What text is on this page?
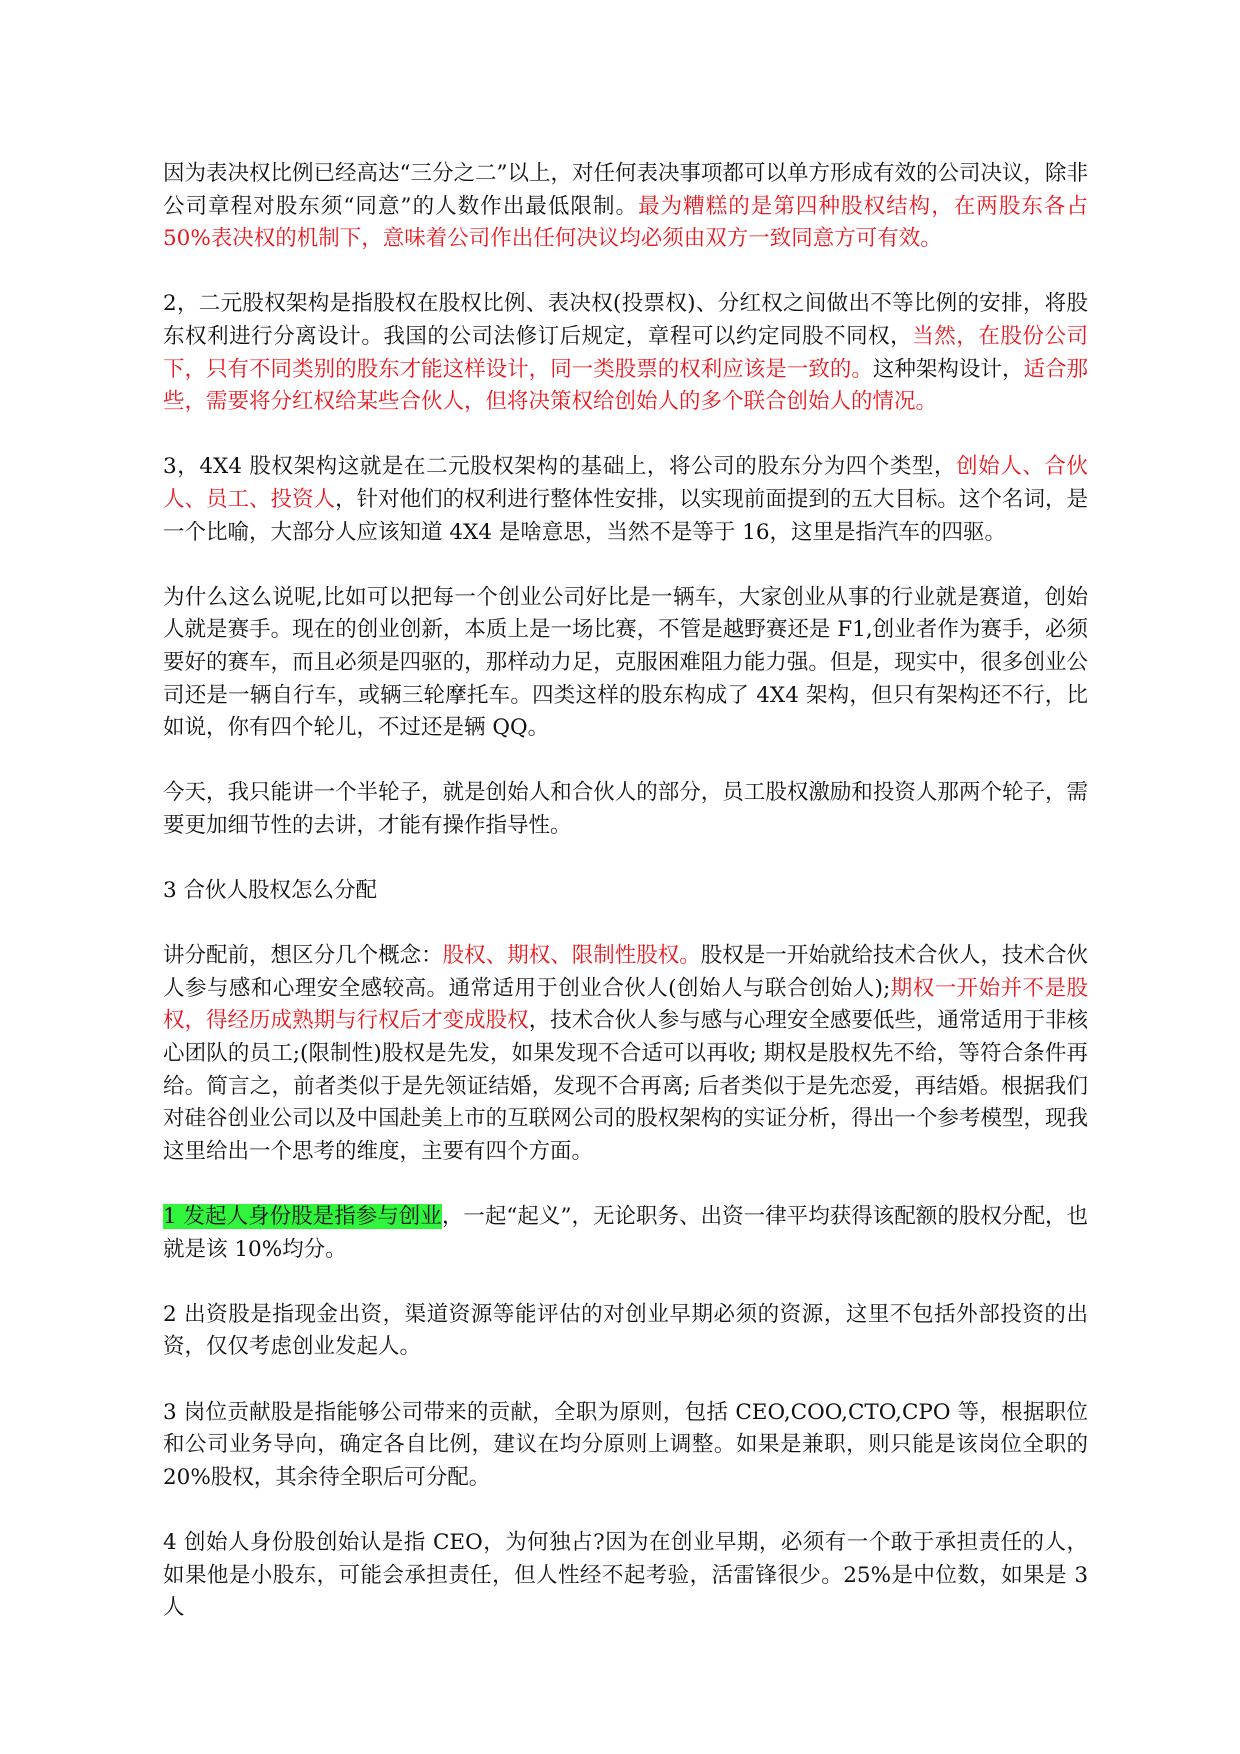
因为表决权比例已经高达“三分之二”以上，对任何表决事项都可以单方形成有效的公司决议，除非公司章程对股东须“同意”的人数作出最低限制。最为糟糕的是第四种股权结构，在两股东各占50%表决权的机制下，意味着公司作出任何决议均必须由双方一致同意方可有效。

2，二元股权架构是指股权在股权比例、表决权(投票权)、分红权之间做出不等比例的安排，将股东权利进行分离设计。我国的公司法修订后规定，章程可以约定同股不同权，当然，在股份公司下，只有不同类别的股东才能这样设计，同一类股票的权利应该是一致的。这种架构设计，适合那些，需要将分红权给某些合伙人，但将决策权给创始人的多个联合创始人的情况。

3，4X4 股权架构这就是在二元股权架构的基础上，将公司的股东分为四个类型，创始人、合伙人、员工、投资人，针对他们的权利进行整体性安排，以实现前面提到的五大目标。这个名词，是一个比喻，大部分人应该知道 4X4 是啥意思，当然不是等于 16，这里是指汽车的四驱。

为什么这么说呢,比如可以把每一个创业公司好比是一辆车，大家创业从事的行业就是赛道，创始人就是赛手。现在的创业创新，本质上是一场比赛，不管是越野赛还是 F1,创业者作为赛手，必须要好的赛车，而且必须是四驱的，那样动力足，克服困难阻力能力强。但是，现实中，很多创业公司还是一辆自行车，或辆三轮摩托车。四类这样的股东构成了 4X4 架构，但只有架构还不行，比如说，你有四个轮儿，不过还是辆 QQ。

今天，我只能讲一个半轮子，就是创始人和合伙人的部分，员工股权激励和投资人那两个轮子，需要更加细节性的去讲，才能有操作指导性。

3 合伙人股权怎么分配

讲分配前，想区分几个概念：股权、期权、限制性股权。股权是一开始就给技术合伙人，技术合伙人参与感和心理安全感较高。通常适用于创业合伙人(创始人与联合创始人);期权一开始并不是股权，得经历成熟期与行权后才变成股权，技术合伙人参与感与心理安全感要低些，通常适用于非核心团队的员工;(限制性)股权是先发，如果发现不合适可以再收; 期权是股权先不给，等符合条件再给。简言之，前者类似于是先领证结婚，发现不合再离; 后者类似于是先恋爱，再结婚。根据我们对硅谷创业公司以及中国赴美上市的互联网公司的股权架构的实证分析，得出一个参考模型，现我这里给出一个思考的维度，主要有四个方面。

1 发起人身份股是指参与创业，一起“起义”，无论职务、出资一律平均获得该配额的股权分配，也就是该 10%均分。

2 出资股是指现金出资，渠道资源等能评估的对创业早期必须的资源，这里不包括外部投资的出资，仅仅考虑创业发起人。

3 岗位贡献股是指能够公司带来的贡献，全职为原则，包括 CEO,COO,CTO,CPO 等，根据职位和公司业务导向，确定各自比例，建议在均分原则上调整。如果是兼职，则只能是该岗位全职的 20%股权，其余待全职后可分配。

4 创始人身份股创始认是指 CEO，为何独占?因为在创业早期，必须有一个敢于承担责任的人，如果他是小股东，可能会承担责任，但人性经不起考验，活雷锋很少。25%是中位数，如果是 3 人
